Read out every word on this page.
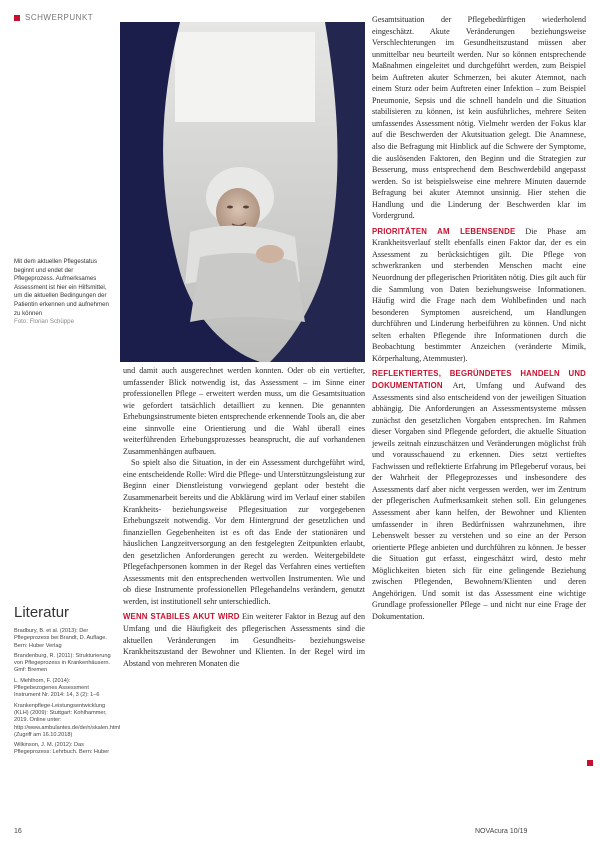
SCHWERPUNKT
Mit dem aktuellen Pflegestatus beginnt und endet der Pflegeprozess. Aufmerksames Assessment ist hier ein Hilfsmittel, um die aktuellen Bedingungen der Patientin erkennen und aufnehmen zu können
Foto: Florian Schüppe
Literatur

Bradbury, B. et al. (2013): Der Pflegeprozess bei Brandt, D. Auflage. Bern: Huber Verlag

Brandenburg, R. (2011): Strukturierung von Pflegeprozess in Krankenhäusern. Gmf: Bremen

L. Mehlhorn, F. (2014): Pflegebezogenes Assessment Instrument Nr. 2014: 14, 3 (2): 1–6

Krankenpflege-Leistungsentwicklung (KLH) (2009): Stuttgart: Kohlhammer, 2019. Online unter: http://www.ambulantes.de/de/n/skalen.html (Zugriff am 16.10.2018)

Wilkinson, J. M. (2012): Das Pflegeprozess: Lehrbuch. Bern: Huber

und damit auch ausgerechnet werden konnten. Oder ob ein vertiefter, umfassender Blick notwendig ist, das Assessment – im Sinne einer professionellen Pflege – erweitert werden muss, um die Gesamtsituation wie gefordert tatsächlich detailliert zu kennen. Die genannten Erhebungsinstrumente bieten entsprechende erkennende Tools an, die aber eine sinnvolle eine Orientierung und die Wahl überall eines weiterführenden Erhebungsprozesses beansprucht, die auf vorhandenen Zusammenhängen aufbauen.

So spielt also die Situation, in der ein Assessment durchgeführt wird, eine entscheidende Rolle: Wird die Pflege- und Unterstützungsleistung zur Beginn einer Dienstleistung vorwiegend geplant oder besteht die Zusammenarbeit bereits und die Abklärung wird im Verlauf einer stabilen Krankheits- beziehungsweise Pflegesituation zur vorgegebenen Erhebungszeit notwendig. Vor dem Hintergrund der gesetzlichen und finanziellen Gegebenheiten ist es oft das Ende der stationären und häuslichen Langzeitversorgung an den festgelegten Zeitpunkten erlaubt, den gesetzlichen Anforderungen gerecht zu werden. Weitergebildete Pflegefachpersonen kommen in der Regel das Verfahren eines vertieften Assessments mit den entsprechenden wertvollen Instrumenten. Wie und ob diese Instrumente professionellen Pflegehandelns verändern, genutzt werden, ist institutionell sehr unterschiedlich.

WENN STABILES AKUT WIRD Ein weiterer Faktor in Bezug auf den Umfang und die Häufigkeit des pflegerischen Assessments sind die aktuellen Veränderungen im Gesundheits- beziehungsweise Krankheitszustand der Bewohner und Klienten. In der Regel wird im Abstand von mehreren Monaten die

Gesamtsituation der Pflegebedürftigen wiederholend eingeschätzt. Akute Veränderungen beziehungsweise Verschlechterungen im Gesundheitszustand müssen aber unmittelbar neu beurteilt werden. Nur so können entsprechende Maßnahmen eingeleitet und durchgeführt werden, zum Beispiel beim Auftreten akuter Schmerzen, bei akuter Atemnot, nach einem Sturz oder beim Auftreten einer Infektion – zum Beispiel Pneumonie, Sepsis und die schnell handeln und die Situation stabilisieren zu können, ist kein ausführliches, mehrere Seiten umfassendes Assessment nötig. Vielmehr werden der Fokus klar auf die Beschwerden der Akutsituation gelegt. Die Anamnese, also die Befragung mit Hinblick auf die Schwere der Symptome, die auslösenden Faktoren, den Beginn und die Strategien zur Besserung, muss entsprechend dem Beschwerdebild angepasst werden. So ist beispielsweise eine mehrere Minuten dauernde Befragung bei akuter Atemnot unsinnig. Hier stehen die Handlung und die Linderung der Beschwerden klar im Vordergrund.

PRIORITÄTEN AM LEBENSENDE Die Phase am Krankheitsverlauf stellt ebenfalls einen Faktor dar, der es ein Assessment zu berücksichtigen gilt. Die Pflege von schwerkranken und sterbenden Menschen macht eine Neuordnung der pflegerischen Prioritäten nötig. Dies gilt auch für die Sammlung von Daten beziehungsweise Informationen. Häufig wird die Frage nach dem Wohlbefinden und nach besonderen Symptomen ausreichend, um Handlungen durchführen und Linderung herbeiführen zu können. Und nicht selten erhalten Pflegende ihre Informationen durch die Beobachtung bestimmter Anzeichen (veränderte Mimik, Körperhaltung, Atemmuster).

REFLEKTIERTES, BEGRÜNDETES HANDELN UND DOKUMENTATION Art, Umfang und Aufwand des Assessments sind also entscheidend von der jeweiligen Situation abhängig. Die Anforderungen an Assessmentsysteme müssen zunächst den gesetzlichen Vorgaben entsprechen. Im Rahmen dieser Vorgaben sind Pflegende gefordert, die aktuelle Situation jeweils zeitnah einzuschätzen und Veränderungen möglichst früh und vorausschauend zu erkennen. Dies setzt vertieftes Fachwissen und reflektierte Erfahrung im Pflegeberuf voraus, bei der Wahrheit der Pflegeprozesses und insbesondere des Assessments darf aber nicht vergessen werden, wer im Zentrum der pflegerischen Aufmerksamkeit stehen soll. Ein gelungenes Assessment aber kann helfen, der Bewohner und Klienten umfassender in ihren Bedürfnissen wahrzunehmen, ihre Lebenswelt besser zu verstehen und so eine an der Person orientierte Pflege anbieten und durchführen zu können. Je besser die Situation gut erfasst, eingeschätzt wird, desto mehr Möglichkeiten bieten sich für eine gelingende Beziehung zwischen Pflegenden, Bewohnern/Klienten und deren Angehörigen. Und somit ist das Assessment eine wichtige Grundlage professioneller Pflege – und nicht nur eine Frage der Dokumentation.

16	NOVAcura 10/19
